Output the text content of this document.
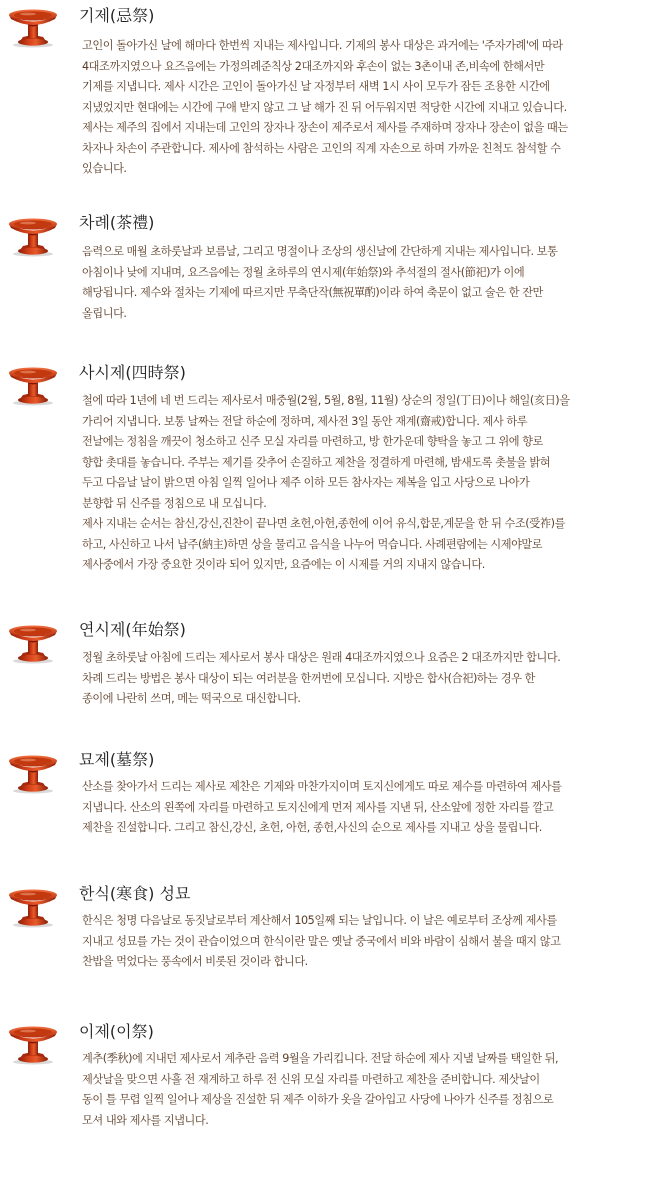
기제(忌祭)
고인이 돌아가신 날에 해마다 한번씩 지내는 제사입니다. 기제의 봉사 대상은 과거에는 '주자가례'에 따라
4대조까지였으나 요즈음에는 가정의례준칙상 2대조까지와 후손이 없는 3촌이내 존,비속에 한해서만
기제를 지냅니다. 제사 시간은 고인이 돌아가신 날 자정부터 새벽 1시 사이 모두가 잠든 조용한 시간에
지냈었지만 현대에는 시간에 구애 받지 않고 그 날 해가 진 뒤 어두워지면 적당한 시간에 지내고 있습니다.
제사는 제주의 집에서 지내는데 고인의 장자나 장손이 제주로서 제사를 주재하며 장자나 장손이 없을 때는
차자나 차손이 주관합니다. 제사에 참석하는 사람은 고인의 직계 자손으로 하며 가까운 친척도 참석할 수
있습니다.
차례(茶禮)
음력으로 매월 초하룻날과 보름날, 그리고 명절이나 조상의 생신날에 간단하게 지내는 제사입니다. 보통
아침이나 낮에 지내며, 요즈음에는 정월 초하루의 연시제(年始祭)와 추석절의 절사(節祀)가 이에
해당됩니다. 제수와 절차는 기제에 따르지만 무축단작(無祝單酌)이라 하여 축문이 없고 술은 한 잔만
올립니다.
사시제(四時祭)
철에 따라 1년에 네 번 드리는 제사로서 매중월(2월, 5월, 8월, 11월) 상순의 정일(丁日)이나 해일(亥日)을
가리어 지냅니다. 보통 날짜는 전달 하순에 정하며, 제사전 3일 동안 재계(齋戒)합니다. 제사 하루
전날에는 정침을 깨끗이 청소하고 신주 모실 자리를 마련하고, 방 한가운데 향탁을 놓고 그 위에 향로
향합 촛대를 놓습니다. 주부는 제기를 갖추어 손질하고 제찬을 정결하게 마련해, 밤새도록 촛불을 밝혀
두고 다음날 날이 밝으면 아침 일찍 일어나 제주 이하 모든 참사자는 제복을 입고 사당으로 나아가
분향합 뒤 신주를 정침으로 내 모십니다.
제사 지내는 순서는 참신,강신,진찬이 끝나면 초헌,아헌,종헌에 이어 유식,합문,계문을 한 뒤 수조(受祚)를
하고, 사신하고 나서 납주(納主)하면 상을 물리고 음식을 나누어 먹습니다. 사례편람에는 시제야말로
제사중에서 가장 중요한 것이라 되어 있지만, 요즘에는 이 시제를 거의 지내지 않습니다.
연시제(年始祭)
정월 초하룻날 아침에 드리는 제사로서 봉사 대상은 원래 4대조까지였으나 요즘은 2 대조까지만 합니다.
차례 드리는 방법은 봉사 대상이 되는 여러분을 한꺼번에 모십니다. 지방은 합사(合祀)하는 경우 한
종이에 나란히 쓰며, 메는 떡국으로 대신합니다.
묘제(墓祭)
산소를 찾아가서 드리는 제사로 제찬은 기제와 마찬가지이며 토지신에게도 따로 제수를 마련하여 제사를
지냅니다. 산소의 왼쪽에 자리를 마련하고 토지신에게 먼저 제사를 지낸 뒤, 산소앞에 정한 자리를 깔고
제찬을 진설합니다. 그리고 참신,강신, 초헌, 아헌, 종헌,사신의 순으로 제사를 지내고 상을 물립니다.
한식(寒食) 성묘
한식은 청명 다음날로 동짓날로부터 계산해서 105일째 되는 날입니다. 이 날은 예로부터 조상께 제사를
지내고 성묘를 가는 것이 관습이었으며 한식이란 말은 옛날 중국에서 비와 바람이 심해서 불을 때지 않고
찬밥을 먹었다는 풍속에서 비롯된 것이라 합니다.
이제(이祭)
계추(季秋)에 지내던 제사로서 계추란 음력 9월을 가리킵니다. 전달 하순에 제사 지낼 날짜를 택일한 뒤,
제삿날을 맞으면 사흘 전 재계하고 하루 전 신위 모실 자리를 마련하고 제찬을 준비합니다. 제삿날이
동이 틀 무렵 일찍 일어나 제상을 진설한 뒤 제주 이하가 옷을 갈아입고 사당에 나아가 신주를 정침으로
모셔 내와 제사를 지냅니다.
